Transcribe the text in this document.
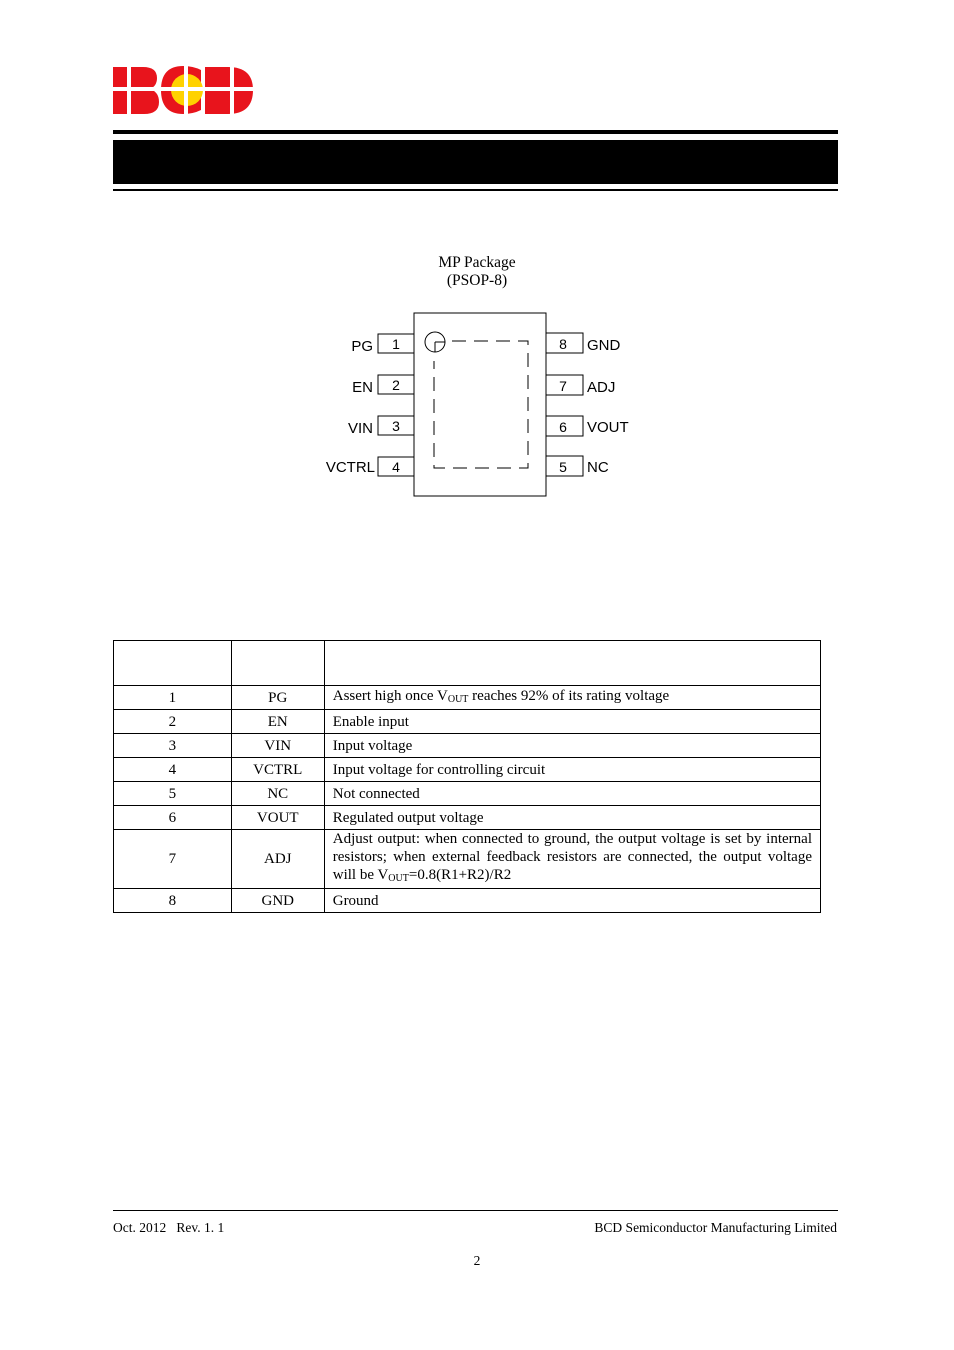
MP Package
(PSOP-8)
1
PG
2
EN
3
VIN
4
VCTRL
8 GND
7 ADJ
6 VOUT
5 NC

1	PG	Assert high once $V_{OUT}$ reaches 92% of its rating voltage
2	EN	Enable input
3	VIN	Input voltage
4	VCTRL	Input voltage for controlling circuit
5	NC	Not connected
6	VOUT	Regulated output voltage
7	ADJ	Adjust output: when connected to ground, the output voltage is set by internal resistors; when external feedback resistors are connected, the output voltage will be $V_{OUT}=0.8(R1+R2)/R2$
8	GND	Ground
Oct. 2012   Rev. 1. 1	BCD Semiconductor Manufacturing Limited
2
